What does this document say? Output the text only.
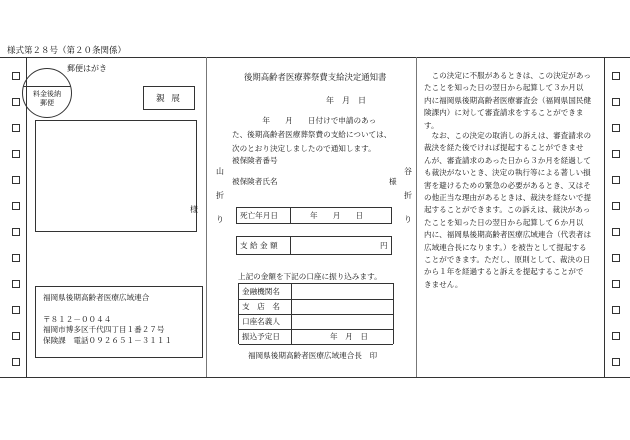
様式第２８号（第２０条関係）
郵便はがき
料金後納
郵便	親 展
様
福岡県後期高齢者医療広域連合
〒８１２－００４４
福岡市博多区千代四丁目１番２７号
保険課　電話０９２６５１－３１１１
山
折
り
谷
折
り
後期高齢者医療葬祭費支給決定通知書
年　月　日
　　　　年　　月　　日付けで申請のあっ
た、後期高齢者医療葬祭費の支給については、
次のとおり決定しましたので通知します。
被保険者番号
被保険者氏名	様
死亡年月日	年　　月　　日
支 給 金 額	円
上記の金額を下記の口座に振り込みます。
金融機関名
支　店　名
口座名義人
振込予定日	年　月　日
福岡県後期高齢者医療広域連合長　印
　この決定に不服があるときは、この決定があっ
たことを知った日の翌日から起算して３か月以
内に福岡県後期高齢者医療審査会（福岡県国民健
険課内）に対して審査請求をすることができま
す。
　なお、この決定の取消しの訴えは、審査請求の
裁決を経た後でければ提起することができませ
んが、審査請求のあった日から３か月を経過して
も裁決がないとき、決定の執行等による著しい損
害を避けるための緊急の必要があるとき、又はそ
の他正当な理由があるときは、裁決を経ないで提
起することができます。この訴えは、裁決があっ
たことを知った日の翌日から起算して６か月以
内に、福岡県後期高齢者医療広域連合（代表者は
広域連合長になります。）を被告として提起する
ことができます。ただし、原則として、裁決の日
から１年を経過すると訴えを提起することがで
きません。
